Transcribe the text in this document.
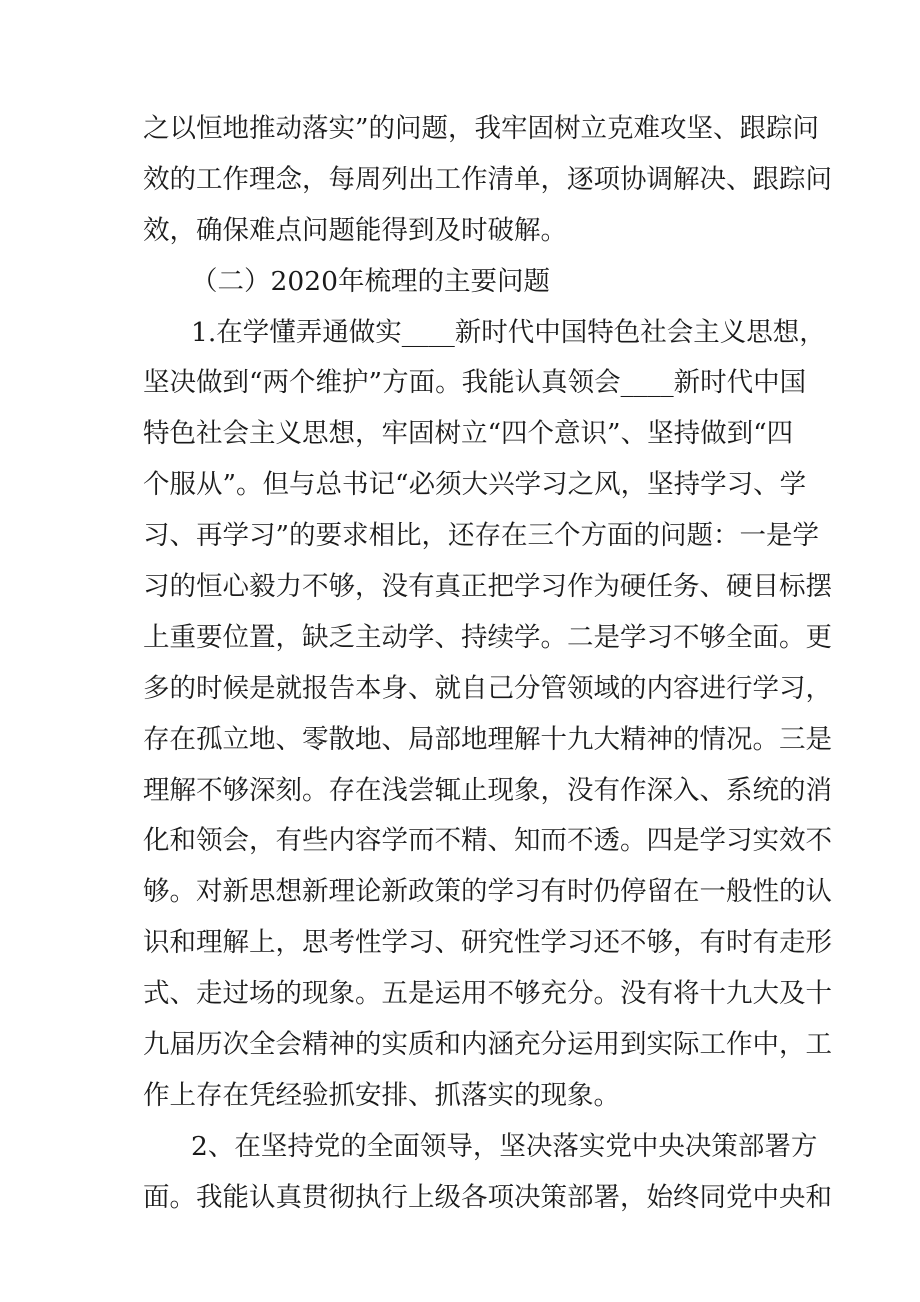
之以恒地推动落实”的问题，我牢固树立克难攻坚、跟踪问
效的工作理念，每周列出工作清单，逐项协调解决、跟踪问
效，确保难点问题能得到及时破解。
（二）2020年梳理的主要问题
1.在学懂弄通做实____新时代中国特色社会主义思想，
坚决做到“两个维护”方面。我能认真领会____新时代中国
特色社会主义思想，牢固树立“四个意识”、坚持做到“四
个服从”。但与总书记“必须大兴学习之风，坚持学习、学
习、再学习”的要求相比，还存在三个方面的问题：一是学
习的恒心毅力不够，没有真正把学习作为硬任务、硬目标摆
上重要位置，缺乏主动学、持续学。二是学习不够全面。更
多的时候是就报告本身、就自己分管领域的内容进行学习，
存在孤立地、零散地、局部地理解十九大精神的情况。三是
理解不够深刻。存在浅尝辄止现象，没有作深入、系统的消
化和领会，有些内容学而不精、知而不透。四是学习实效不
够。对新思想新理论新政策的学习有时仍停留在一般性的认
识和理解上，思考性学习、研究性学习还不够，有时有走形
式、走过场的现象。五是运用不够充分。没有将十九大及十
九届历次全会精神的实质和内涵充分运用到实际工作中，工
作上存在凭经验抓安排、抓落实的现象。
2、在坚持党的全面领导，坚决落实党中央决策部署方
面。我能认真贯彻执行上级各项决策部署，始终同党中央和
